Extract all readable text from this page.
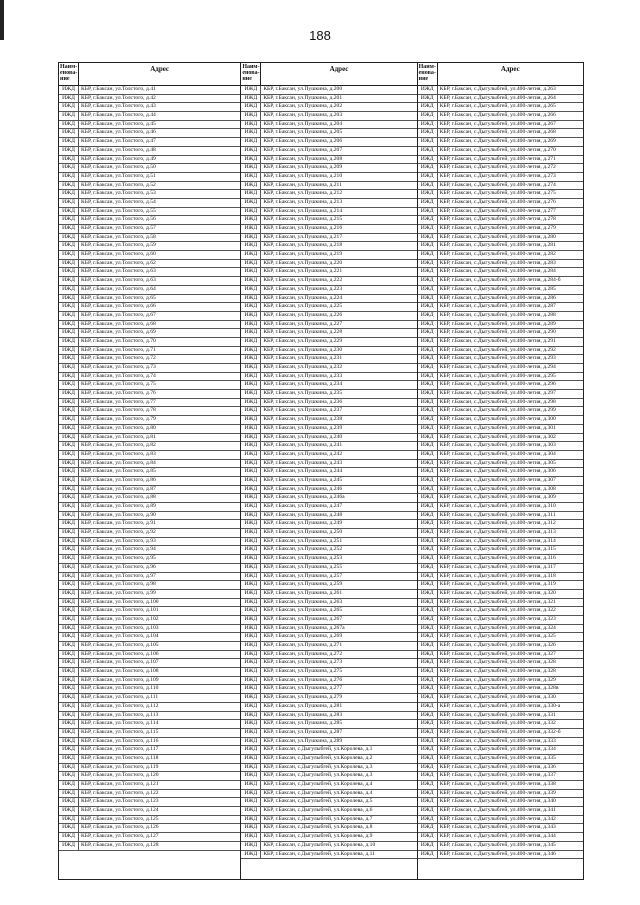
188
Наименование
Адрес
ИЖД	КБР, г.Баксан, ул.Толстого, д.41
ИЖД	КБР, г.Баксан, ул.Толстого, д.42
ИЖД	КБР, г.Баксан, ул.Толстого, д.43
ИЖД	КБР, г.Баксан, ул.Толстого, д.44
ИЖД	КБР, г.Баксан, ул.Толстого, д.45
ИЖД	КБР, г.Баксан, ул.Толстого, д.46
ИЖД	КБР, г.Баксан, ул.Толстого, д.47
ИЖД	КБР, г.Баксан, ул.Толстого, д.48
ИЖД	КБР, г.Баксан, ул.Толстого, д.49
ИЖД	КБР, г.Баксан, ул.Толстого, д.50
ИЖД	КБР, г.Баксан, ул.Толстого, д.51
ИЖД	КБР, г.Баксан, ул.Толстого, д.52
ИЖД	КБР, г.Баксан, ул.Толстого, д.53
ИЖД	КБР, г.Баксан, ул.Толстого, д.54
ИЖД	КБР, г.Баксан, ул.Толстого, д.55
ИЖД	КБР, г.Баксан, ул.Толстого, д.56
ИЖД	КБР, г.Баксан, ул.Толстого, д.57
ИЖД	КБР, г.Баксан, ул.Толстого, д.58
ИЖД	КБР, г.Баксан, ул.Толстого, д.59
ИЖД	КБР, г.Баксан, ул.Толстого, д.60
ИЖД	КБР, г.Баксан, ул.Толстого, д.62
ИЖД	КБР, г.Баксан, ул.Толстого, д.63
ИЖД	КБР, г.Баксан, ул.Толстого, д.63
ИЖД	КБР, г.Баксан, ул.Толстого, д.64
ИЖД	КБР, г.Баксан, ул.Толстого, д.65
ИЖД	КБР, г.Баксан, ул.Толстого, д.66
ИЖД	КБР, г.Баксан, ул.Толстого, д.67
ИЖД	КБР, г.Баксан, ул.Толстого, д.68
ИЖД	КБР, г.Баксан, ул.Толстого, д.69
ИЖД	КБР, г.Баксан, ул.Толстого, д.70
ИЖД	КБР, г.Баксан, ул.Толстого, д.71
ИЖД	КБР, г.Баксан, ул.Толстого, д.72
ИЖД	КБР, г.Баксан, ул.Толстого, д.73
ИЖД	КБР, г.Баксан, ул.Толстого, д.74
ИЖД	КБР, г.Баксан, ул.Толстого, д.75
ИЖД	КБР, г.Баксан, ул.Толстого, д.76
ИЖД	КБР, г.Баксан, ул.Толстого, д.77
ИЖД	КБР, г.Баксан, ул.Толстого, д.78
ИЖД	КБР, г.Баксан, ул.Толстого, д.79
ИЖД	КБР, г.Баксан, ул.Толстого, д.80
ИЖД	КБР, г.Баксан, ул.Толстого, д.81
ИЖД	КБР, г.Баксан, ул.Толстого, д.82
ИЖД	КБР, г.Баксан, ул.Толстого, д.83
ИЖД	КБР, г.Баксан, ул.Толстого, д.84
ИЖД	КБР, г.Баксан, ул.Толстого, д.85
ИЖД	КБР, г.Баксан, ул.Толстого, д.86
ИЖД	КБР, г.Баксан, ул.Толстого, д.87
ИЖД	КБР, г.Баксан, ул.Толстого, д.88
ИЖД	КБР, г.Баксан, ул.Толстого, д.89
ИЖД	КБР, г.Баксан, ул.Толстого, д.90
ИЖД	КБР, г.Баксан, ул.Толстого, д.91
ИЖД	КБР, г.Баксан, ул.Толстого, д.92
ИЖД	КБР, г.Баксан, ул.Толстого, д.93
ИЖД	КБР, г.Баксан, ул.Толстого, д.94
ИЖД	КБР, г.Баксан, ул.Толстого, д.95
ИЖД	КБР, г.Баксан, ул.Толстого, д.96
ИЖД	КБР, г.Баксан, ул.Толстого, д.97
ИЖД	КБР, г.Баксан, ул.Толстого, д.98
ИЖД	КБР, г.Баксан, ул.Толстого, д.99
ИЖД	КБР, г.Баксан, ул.Толстого, д.100
ИЖД	КБР, г.Баксан, ул.Толстого, д.101
ИЖД	КБР, г.Баксан, ул.Толстого, д.102
ИЖД	КБР, г.Баксан, ул.Толстого, д.103
ИЖД	КБР, г.Баксан, ул.Толстого, д.104
ИЖД	КБР, г.Баксан, ул.Толстого, д.105
ИЖД	КБР, г.Баксан, ул.Толстого, д.106
ИЖД	КБР, г.Баксан, ул.Толстого, д.107
ИЖД	КБР, г.Баксан, ул.Толстого, д.108
ИЖД	КБР, г.Баксан, ул.Толстого, д.109
ИЖД	КБР, г.Баксан, ул.Толстого, д.110
ИЖД	КБР, г.Баксан, ул.Толстого, д.111
ИЖД	КБР, г.Баксан, ул.Толстого, д.112
ИЖД	КБР, г.Баксан, ул.Толстого, д.113
ИЖД	КБР, г.Баксан, ул.Толстого, д.114
ИЖД	КБР, г.Баксан, ул.Толстого, д.115
ИЖД	КБР, г.Баксан, ул.Толстого, д.116
ИЖД	КБР, г.Баксан, ул.Толстого, д.117
ИЖД	КБР, г.Баксан, ул.Толстого, д.118
ИЖД	КБР, г.Баксан, ул.Толстого, д.119
ИЖД	КБР, г.Баксан, ул.Толстого, д.120
ИЖД	КБР, г.Баксан, ул.Толстого, д.121
ИЖД	КБР, г.Баксан, ул.Толстого, д.122
ИЖД	КБР, г.Баксан, ул.Толстого, д.123
ИЖД	КБР, г.Баксан, ул.Толстого, д.124
ИЖД	КБР, г.Баксан, ул.Толстого, д.125
ИЖД	КБР, г.Баксан, ул.Толстого, д.126
ИЖД	КБР, г.Баксан, ул.Толстого, д.127
ИЖД	КБР, г.Баксан, ул.Толстого, д.128
Наименование
Адрес
ИЖД	КБР, г.Баксан, ул.Пушкина, д.200
ИЖД	КБР, г.Баксан, ул.Пушкина, д.201
ИЖД	КБР, г.Баксан, ул.Пушкина, д.202
ИЖД	КБР, г.Баксан, ул.Пушкина, д.203
ИЖД	КБР, г.Баксан, ул.Пушкина, д.204
ИЖД	КБР, г.Баксан, ул.Пушкина, д.205
ИЖД	КБР, г.Баксан, ул.Пушкина, д.206
ИЖД	КБР, г.Баксан, ул.Пушкина, д.207
ИЖД	КБР, г.Баксан, ул.Пушкина, д.208
ИЖД	КБР, г.Баксан, ул.Пушкина, д.209
ИЖД	КБР, г.Баксан, ул.Пушкина, д.210
ИЖД	КБР, г.Баксан, ул.Пушкина, д.211
ИЖД	КБР, г.Баксан, ул.Пушкина, д.212
ИЖД	КБР, г.Баксан, ул.Пушкина, д.213
ИЖД	КБР, г.Баксан, ул.Пушкина, д.214
ИЖД	КБР, г.Баксан, ул.Пушкина, д.215
ИЖД	КБР, г.Баксан, ул.Пушкина, д.216
ИЖД	КБР, г.Баксан, ул.Пушкина, д.217
ИЖД	КБР, г.Баксан, ул.Пушкина, д.218
ИЖД	КБР, г.Баксан, ул.Пушкина, д.219
ИЖД	КБР, г.Баксан, ул.Пушкина, д.220
ИЖД	КБР, г.Баксан, ул.Пушкина, д.221
ИЖД	КБР, г.Баксан, ул.Пушкина, д.222
ИЖД	КБР, г.Баксан, ул.Пушкина, д.223
ИЖД	КБР, г.Баксан, ул.Пушкина, д.224
ИЖД	КБР, г.Баксан, ул.Пушкина, д.225
ИЖД	КБР, г.Баксан, ул.Пушкина, д.226
ИЖД	КБР, г.Баксан, ул.Пушкина, д.227
ИЖД	КБР, г.Баксан, ул.Пушкина, д.228
ИЖД	КБР, г.Баксан, ул.Пушкина, д.229
ИЖД	КБР, г.Баксан, ул.Пушкина, д.230
ИЖД	КБР, г.Баксан, ул.Пушкина, д.231
ИЖД	КБР, г.Баксан, ул.Пушкина, д.232
ИЖД	КБР, г.Баксан, ул.Пушкина, д.233
ИЖД	КБР, г.Баксан, ул.Пушкина, д.234
ИЖД	КБР, г.Баксан, ул.Пушкина, д.235
ИЖД	КБР, г.Баксан, ул.Пушкина, д.236
ИЖД	КБР, г.Баксан, ул.Пушкина, д.237
ИЖД	КБР, г.Баксан, ул.Пушкина, д.238
ИЖД	КБР, г.Баксан, ул.Пушкина, д.239
ИЖД	КБР, г.Баксан, ул.Пушкина, д.240
ИЖД	КБР, г.Баксан, ул.Пушкина, д.241
ИЖД	КБР, г.Баксан, ул.Пушкина, д.242
ИЖД	КБР, г.Баксан, ул.Пушкина, д.243
ИЖД	КБР, г.Баксан, ул.Пушкина, д.244
ИЖД	КБР, г.Баксан, ул.Пушкина, д.245
ИЖД	КБР, г.Баксан, ул.Пушкина, д.246
ИЖД	КБР, г.Баксан, ул.Пушкина, д.246а
ИЖД	КБР, г.Баксан, ул.Пушкина, д.247
ИЖД	КБР, г.Баксан, ул.Пушкина, д.248
ИЖД	КБР, г.Баксан, ул.Пушкина, д.249
ИЖД	КБР, г.Баксан, ул.Пушкина, д.250
ИЖД	КБР, г.Баксан, ул.Пушкина, д.251
ИЖД	КБР, г.Баксан, ул.Пушкина, д.252
ИЖД	КБР, г.Баксан, ул.Пушкина, д.253
ИЖД	КБР, г.Баксан, ул.Пушкина, д.255
ИЖД	КБР, г.Баксан, ул.Пушкина, д.257
ИЖД	КБР, г.Баксан, ул.Пушкина, д.259
ИЖД	КБР, г.Баксан, ул.Пушкина, д.261
ИЖД	КБР, г.Баксан, ул.Пушкина, д.263
ИЖД	КБР, г.Баксан, ул.Пушкина, д.265
ИЖД	КБР, г.Баксан, ул.Пушкина, д.267
ИЖД	КБР, г.Баксан, ул.Пушкина, д.267а
ИЖД	КБР, г.Баксан, ул.Пушкина, д.269
ИЖД	КБР, г.Баксан, ул.Пушкина, д.271
ИЖД	КБР, г.Баксан, ул.Пушкина, д.272
ИЖД	КБР, г.Баксан, ул.Пушкина, д.273
ИЖД	КБР, г.Баксан, ул.Пушкина, д.275
ИЖД	КБР, г.Баксан, ул.Пушкина, д.276
ИЖД	КБР, г.Баксан, ул.Пушкина, д.277
ИЖД	КБР, г.Баксан, ул.Пушкина, д.279
ИЖД	КБР, г.Баксан, ул.Пушкина, д.281
ИЖД	КБР, г.Баксан, ул.Пушкина, д.283
ИЖД	КБР, г.Баксан, ул.Пушкина, д.285
ИЖД	КБР, г.Баксан, ул.Пушкина, д.287
ИЖД	КБР, г.Баксан, ул.Пушкина, д.289
ИЖД	КБР, г.Баксан, с.Дыгулыбгей, ул.Королева, д.1
ИЖД	КБР, г.Баксан, с.Дыгулыбгей, ул.Королева, д.2
ИЖД	КБР, г.Баксан, с.Дыгулыбгей, ул.Королева, д.3
ИЖД	КБР, г.Баксан, с.Дыгулыбгей, ул.Королева, д.3
ИЖД	КБР, г.Баксан, с.Дыгулыбгей, ул.Королева, д.4
ИЖД	КБР, г.Баксан, с.Дыгулыбгей, ул.Королева, д.4
ИЖД	КБР, г.Баксан, с.Дыгулыбгей, ул.Королева, д.5
ИЖД	КБР, г.Баксан, с.Дыгулыбгей, ул.Королева, д.6
ИЖД	КБР, г.Баксан, с.Дыгулыбгей, ул.Королева, д.7
ИЖД	КБР, г.Баксан, с.Дыгулыбгей, ул.Королева, д.8
ИЖД	КБР, г.Баксан, с.Дыгулыбгей, ул.Королева, д.9
ИЖД	КБР, г.Баксан, с.Дыгулыбгей, ул.Королева, д.10
ИЖД	КБР, г.Баксан, с.Дыгулыбгей, ул.Королева, д.11
Наименование
Адрес
ИЖД	КБР, г.Баксан, с.Дыгулыбгей, ул.400-летия, д.263
ИЖД	КБР, г.Баксан, с.Дыгулыбгей, ул.400-летия, д.264
ИЖД	КБР, г.Баксан, с.Дыгулыбгей, ул.400-летия, д.265
ИЖД	КБР, г.Баксан, с.Дыгулыбгей, ул.400-летия, д.266
ИЖД	КБР, г.Баксан, с.Дыгулыбгей, ул.400-летия, д.267
ИЖД	КБР, г.Баксан, с.Дыгулыбгей, ул.400-летия, д.268
ИЖД	КБР, г.Баксан, с.Дыгулыбгей, ул.400-летия, д.269
ИЖД	КБР, г.Баксан, с.Дыгулыбгей, ул.400-летия, д.270
ИЖД	КБР, г.Баксан, с.Дыгулыбгей, ул.400-летия, д.271
ИЖД	КБР, г.Баксан, с.Дыгулыбгей, ул.400-летия, д.272
ИЖД	КБР, г.Баксан, с.Дыгулыбгей, ул.400-летия, д.273
ИЖД	КБР, г.Баксан, с.Дыгулыбгей, ул.400-летия, д.274
ИЖД	КБР, г.Баксан, с.Дыгулыбгей, ул.400-летия, д.275
ИЖД	КБР, г.Баксан, с.Дыгулыбгей, ул.400-летия, д.276
ИЖД	КБР, г.Баксан, с.Дыгулыбгей, ул.400-летия, д.277
ИЖД	КБР, г.Баксан, с.Дыгулыбгей, ул.400-летия, д.278
ИЖД	КБР, г.Баксан, с.Дыгулыбгей, ул.400-летия, д.279
ИЖД	КБР, г.Баксан, с.Дыгулыбгей, ул.400-летия, д.280
ИЖД	КБР, г.Баксан, с.Дыгулыбгей, ул.400-летия, д.281
ИЖД	КБР, г.Баксан, с.Дыгулыбгей, ул.400-летия, д.282
ИЖД	КБР, г.Баксан, с.Дыгулыбгей, ул.400-летия, д.283
ИЖД	КБР, г.Баксан, с.Дыгулыбгей, ул.400-летия, д.284
ИЖД	КБР, г.Баксан, с.Дыгулыбгей, ул.400-летия, д.284-б
ИЖД	КБР, г.Баксан, с.Дыгулыбгей, ул.400-летия, д.285
ИЖД	КБР, г.Баксан, с.Дыгулыбгей, ул.400-летия, д.286
ИЖД	КБР, г.Баксан, с.Дыгулыбгей, ул.400-летия, д.287
ИЖД	КБР, г.Баксан, с.Дыгулыбгей, ул.400-летия, д.288
ИЖД	КБР, г.Баксан, с.Дыгулыбгей, ул.400-летия, д.289
ИЖД	КБР, г.Баксан, с.Дыгулыбгей, ул.400-летия, д.290
ИЖД	КБР, г.Баксан, с.Дыгулыбгей, ул.400-летия, д.291
ИЖД	КБР, г.Баксан, с.Дыгулыбгей, ул.400-летия, д.292
ИЖД	КБР, г.Баксан, с.Дыгулыбгей, ул.400-летия, д.293
ИЖД	КБР, г.Баксан, с.Дыгулыбгей, ул.400-летия, д.294
ИЖД	КБР, г.Баксан, с.Дыгулыбгей, ул.400-летия, д.295
ИЖД	КБР, г.Баксан, с.Дыгулыбгей, ул.400-летия, д.296
ИЖД	КБР, г.Баксан, с.Дыгулыбгей, ул.400-летия, д.297
ИЖД	КБР, г.Баксан, с.Дыгулыбгей, ул.400-летия, д.298
ИЖД	КБР, г.Баксан, с.Дыгулыбгей, ул.400-летия, д.299
ИЖД	КБР, г.Баксан, с.Дыгулыбгей, ул.400-летия, д.300
ИЖД	КБР, г.Баксан, с.Дыгулыбгей, ул.400-летия, д.301
ИЖД	КБР, г.Баксан, с.Дыгулыбгей, ул.400-летия, д.302
ИЖД	КБР, г.Баксан, с.Дыгулыбгей, ул.400-летия, д.303
ИЖД	КБР, г.Баксан, с.Дыгулыбгей, ул.400-летия, д.304
ИЖД	КБР, г.Баксан, с.Дыгулыбгей, ул.400-летия, д.305
ИЖД	КБР, г.Баксан, с.Дыгулыбгей, ул.400-летия, д.306
ИЖД	КБР, г.Баксан, с.Дыгулыбгей, ул.400-летия, д.307
ИЖД	КБР, г.Баксан, с.Дыгулыбгей, ул.400-летия, д.308
ИЖД	КБР, г.Баксан, с.Дыгулыбгей, ул.400-летия, д.309
ИЖД	КБР, г.Баксан, с.Дыгулыбгей, ул.400-летия, д.310
ИЖД	КБР, г.Баксан, с.Дыгулыбгей, ул.400-летия, д.311
ИЖД	КБР, г.Баксан, с.Дыгулыбгей, ул.400-летия, д.312
ИЖД	КБР, г.Баксан, с.Дыгулыбгей, ул.400-летия, д.313
ИЖД	КБР, г.Баксан, с.Дыгулыбгей, ул.400-летия, д.314
ИЖД	КБР, г.Баксан, с.Дыгулыбгей, ул.400-летия, д.315
ИЖД	КБР, г.Баксан, с.Дыгулыбгей, ул.400-летия, д.316
ИЖД	КБР, г.Баксан, с.Дыгулыбгей, ул.400-летия, д.317
ИЖД	КБР, г.Баксан, с.Дыгулыбгей, ул.400-летия, д.318
ИЖД	КБР, г.Баксан, с.Дыгулыбгей, ул.400-летия, д.319
ИЖД	КБР, г.Баксан, с.Дыгулыбгей, ул.400-летия, д.320
ИЖД	КБР, г.Баксан, с.Дыгулыбгей, ул.400-летия, д.321
ИЖД	КБР, г.Баксан, с.Дыгулыбгей, ул.400-летия, д.322
ИЖД	КБР, г.Баксан, с.Дыгулыбгей, ул.400-летия, д.323
ИЖД	КБР, г.Баксан, с.Дыгулыбгей, ул.400-летия, д.324
ИЖД	КБР, г.Баксан, с.Дыгулыбгей, ул.400-летия, д.325
ИЖД	КБР, г.Баксан, с.Дыгулыбгей, ул.400-летия, д.326
ИЖД	КБР, г.Баксан, с.Дыгулыбгей, ул.400-летия, д.327
ИЖД	КБР, г.Баксан, с.Дыгулыбгей, ул.400-летия, д.328
ИЖД	КБР, г.Баксан, с.Дыгулыбгей, ул.400-летия, д.328
ИЖД	КБР, г.Баксан, с.Дыгулыбгей, ул.400-летия, д.329
ИЖД	КБР, г.Баксан, с.Дыгулыбгей, ул.400-летия, д.328в
ИЖД	КБР, г.Баксан, с.Дыгулыбгей, ул.400-летия, д.330
ИЖД	КБР, г.Баксан, с.Дыгулыбгей, ул.400-летия, д.330-а
ИЖД	КБР, г.Баксан, с.Дыгулыбгей, ул.400-летия, д.331
ИЖД	КБР, г.Баксан, с.Дыгулыбгей, ул.400-летия, д.332
ИЖД	КБР, г.Баксан, с.Дыгулыбгей, ул.400-летия, д.332-б
ИЖД	КБР, г.Баксан, с.Дыгулыбгей, ул.400-летия, д.333
ИЖД	КБР, г.Баксан, с.Дыгулыбгей, ул.400-летия, д.334
ИЖД	КБР, г.Баксан, с.Дыгулыбгей, ул.400-летия, д.335
ИЖД	КБР, г.Баксан, с.Дыгулыбгей, ул.400-летия, д.336
ИЖД	КБР, г.Баксан, с.Дыгулыбгей, ул.400-летия, д.337
ИЖД	КБР, г.Баксан, с.Дыгулыбгей, ул.400-летия, д.338
ИЖД	КБР, г.Баксан, с.Дыгулыбгей, ул.400-летия, д.339
ИЖД	КБР, г.Баксан, с.Дыгулыбгей, ул.400-летия, д.340
ИЖД	КБР, г.Баксан, с.Дыгулыбгей, ул.400-летия, д.341
ИЖД	КБР, г.Баксан, с.Дыгулыбгей, ул.400-летия, д.342
ИЖД	КБР, г.Баксан, с.Дыгулыбгей, ул.400-летия, д.343
ИЖД	КБР, г.Баксан, с.Дыгулыбгей, ул.400-летия, д.344
ИЖД	КБР, г.Баксан, с.Дыгулыбгей, ул.400-летия, д.345
ИЖД	КБР, г.Баксан, с.Дыгулыбгей, ул.400-летия, д.346
